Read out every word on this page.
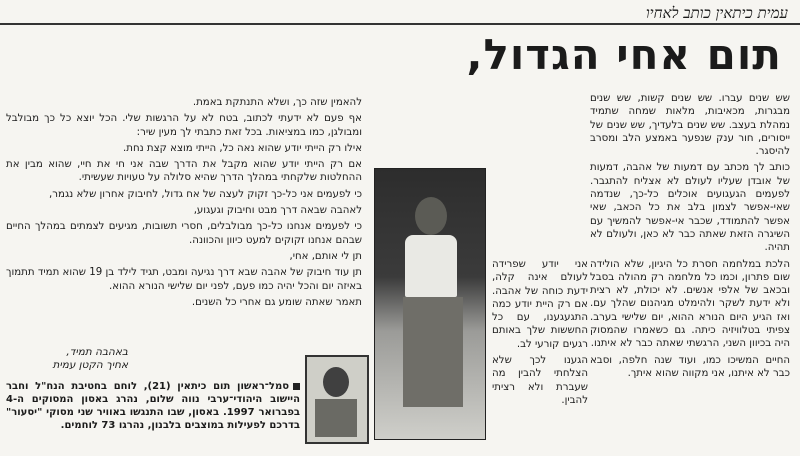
עמית כיתאין כותב לאחיו
תום אחי הגדול,

שש שנים עברו. שש שנים קשות, שש שנים מבגרות, מכאיבות, מלאות שמחה שתמיד נמהלת בעצב. שש שנים בלעדיך, שש שנים של ייסורים, חור ענק שנפער באמצע הלב ומסרב להיסגר.

כותב לך מכתב עם דמעות של אהבה, דמעות של אובדן שעליו לעולם לא אצליח להתגבר. לפעמים הגעגועים אוכלים כל-כך, שנדמה שאי-אפשר לצמון בלב את כל הכאב, שאי אפשר להתמודד, שכבר אי-אפשר להמשיך עם השיגרה הזאת שאתה כבר לא כאן, ולעולם לא תהיה.

הלכת במלחמה חסרת כל היגיון, שלא הולידה שום פתרון, וכמו כל מלחמה רק מהולה בסבל ובכאב של אלפי אנשים. לא יכולת, לא רצית ולא ידעת לשקר ולהימלט מגיהנום שהלך עם. ואז הגיע היום הנורא ההוא, יום שלישי בערב. צפיתי בטלוויזיה כיתה. גם כשאמרו שהמסוק היה בכיוון השני, הרגשתי שאתה כבר לא איתנו.

החיים המשיכו כמו, ועוד שנה חלפה, וסבא כבר לא איתנו, אני מקווה שהוא איתך.

אני יודע שפרידה לעולם אינה קלה, ידעת כוחה של אהבה. אם רק היית יודע כמה התגעגענו, עם כל החששות שלך באותם רגעים קורעי לב.

הגענו לכך שלא הצלחתי להבין מה שעברת ולא רציתי להבין.

להאמין שזה כך, ושלא התנתקת באמת.

אף פעם לא ידעתי לכתוב, בטח לא על הרגשות שלי. הכל יוצא כל כך מבולבל ומבולגן, כמו במציאות. בכל זאת כתבתי לך מעין שיר:

אילו רק הייתי יודע שהוא נאה כל, הייתי מוצא קצת נחת.

אם רק הייתי יודע שהוא מקבל את הדרך שבה אני חי את חיי, שהוא מבין את ההחלטות שלקחתי במהלך הדרך שהיא סלולה על טעויות שעשיתי.

כי לפעמים אני כל-כך זקוק לעצה של אח גדול, לחיבוק אחרון שלא נגמר,

לאהבה שבאה דרך מבט וחיבוק וגעגוע,

כי לפעמים אנחנו כל-כך מבולבלים, חסרי תשובות, מגיעים לצמתים במהלך החיים שבהם אנחנו זקוקים למעט כיוון והכוונה.

תן לי אותם, אחי,

תן עוד חיבוק של אהבה שבא דרך נגיעה ומבט, תגיד לילד בן 19 שהוא תמיד תתמוך באיזה יום והכל יהיה כמו פעם, לפני יום שלישי הנורא ההוא.

תאמר שאתה שומע גם אחרי כל השנים.

באהבה תמיד,
אחיך הקטן עמית
סמל־ראשון תום כיתאין (21), לוחם בחטיבת הנח"ל וחבר היישוב היהודי־ערבי נווה שלום, נהרג באסון המסוקים ה-4 בפברואר 1997. באסון, שבו התנגשו באוויר שני מסוקי "יסעור" בדרכם לפעילות במוצבים בלבנון, נהרגו 73 לוחמים.
